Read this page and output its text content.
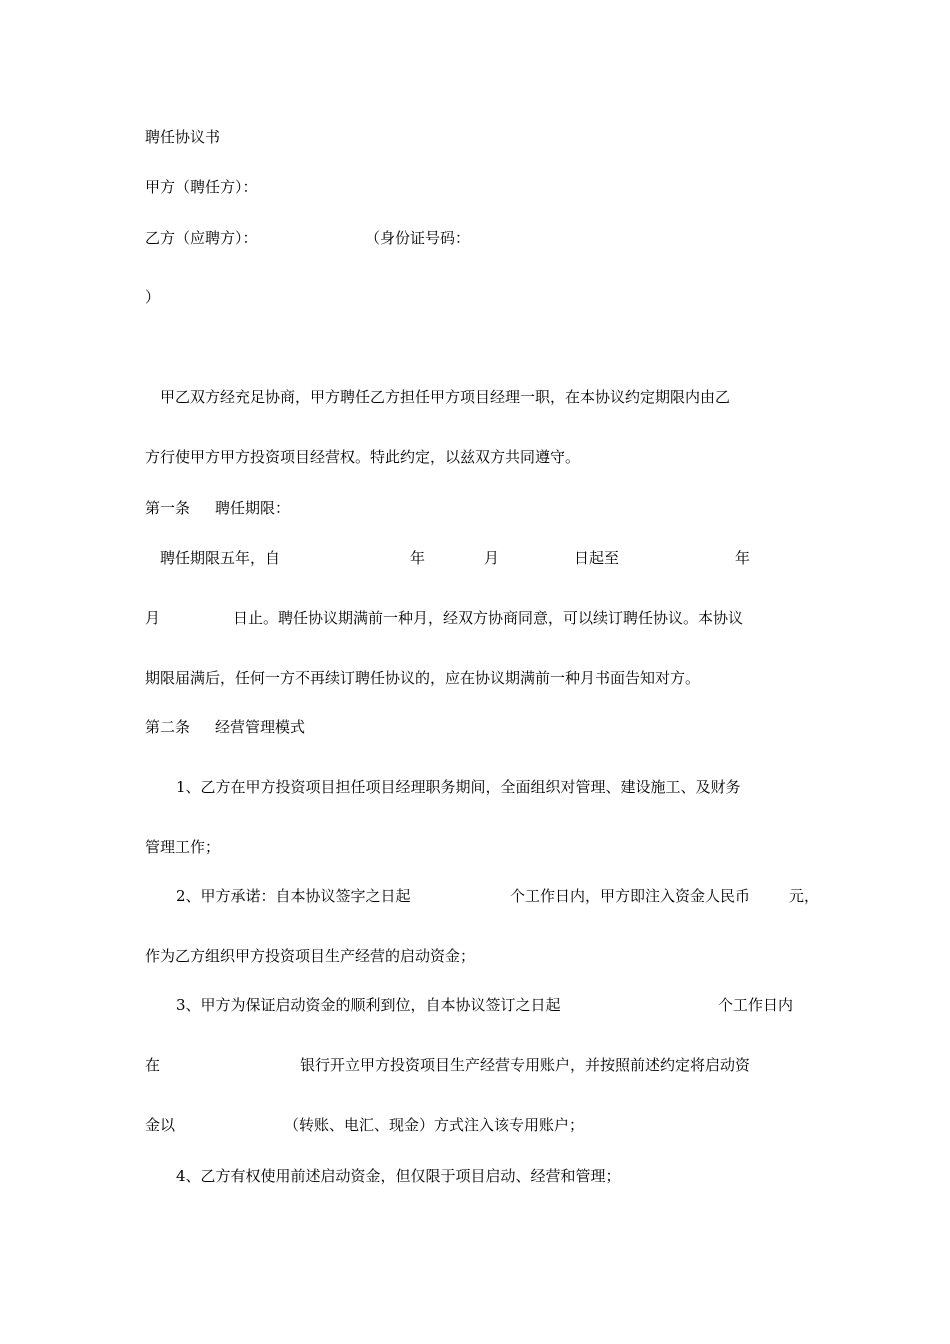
聘任协议书
甲方（聘任方）：
乙方（应聘方）：	（身份证号码：
）
甲乙双方经充足协商，甲方聘任乙方担任甲方项目经理一职，在本协议约定期限内由乙
方行使甲方甲方投资项目经营权。特此约定，以兹双方共同遵守。
第一条 聘任期限：
聘任期限五年，自	年	月	日起至	年
月	日止。聘任协议期满前一种月，经双方协商同意，可以续订聘任协议。本协议
期限届满后，任何一方不再续订聘任协议的，应在协议期满前一种月书面告知对方。
第二条 经营管理模式
1、乙方在甲方投资项目担任项目经理职务期间，全面组织对管理、建设施工、及财务
管理工作；
2、甲方承诺：自本协议签字之日起	个工作日内，甲方即注入资金人民币	元，
作为乙方组织甲方投资项目生产经营的启动资金；
3、甲方为保证启动资金的顺利到位，自本协议签订之日起	个工作日内
在	银行开立甲方投资项目生产经营专用账户，并按照前述约定将启动资
金以	（转账、电汇、现金）方式注入该专用账户；
4、乙方有权使用前述启动资金，但仅限于项目启动、经营和管理；
